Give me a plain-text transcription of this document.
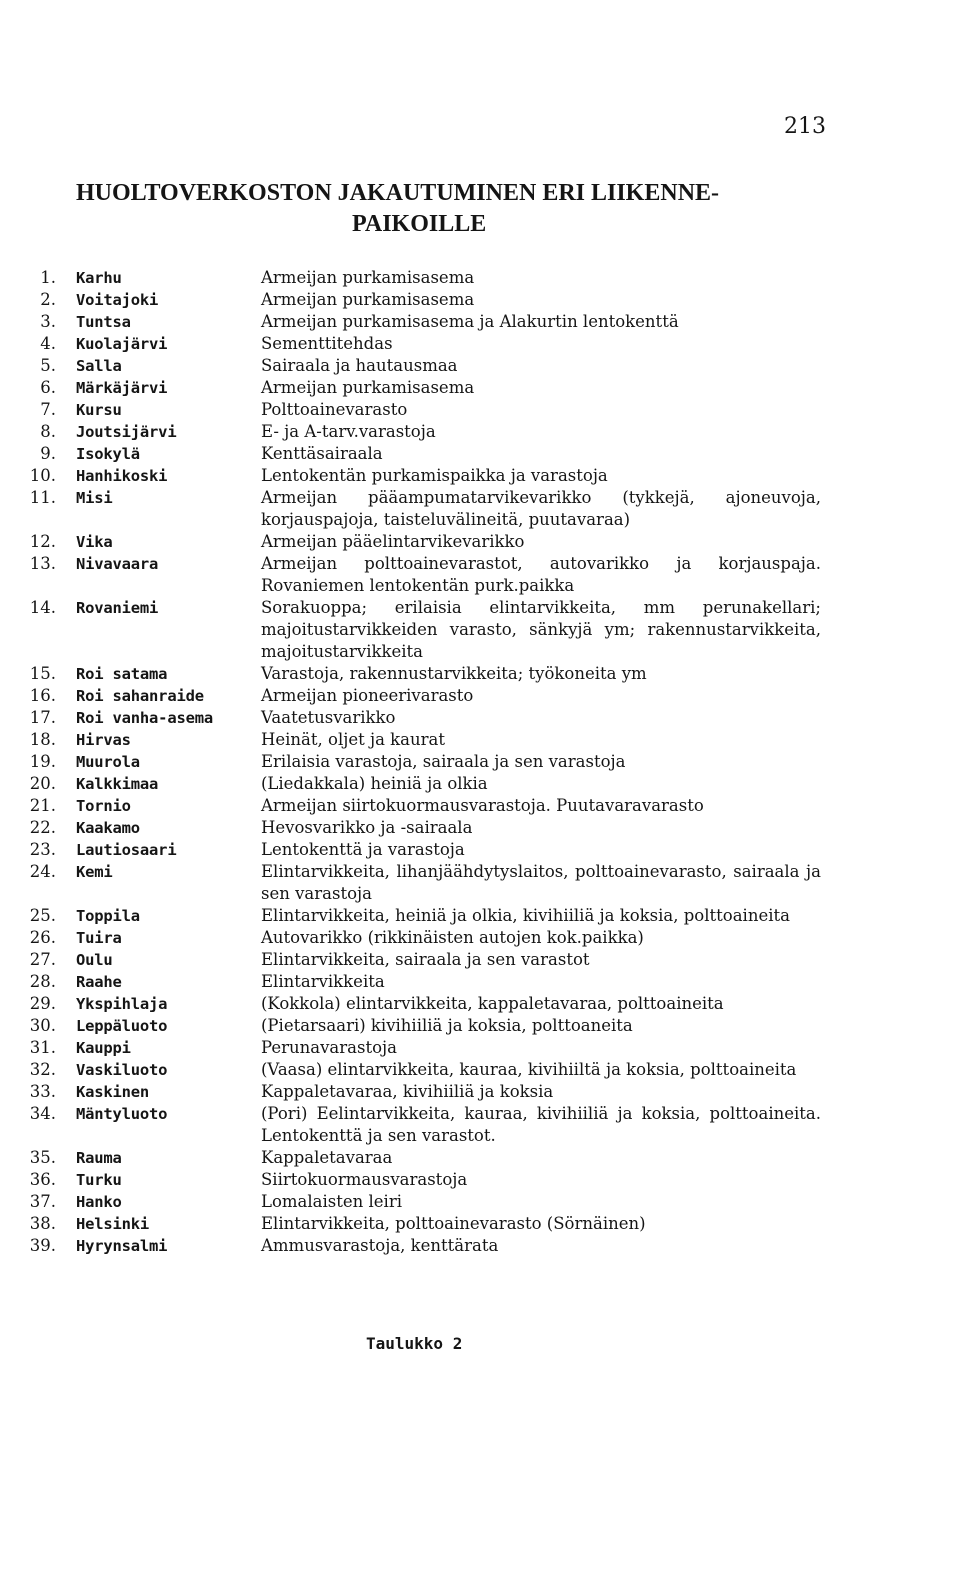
213
HUOLTOVERKOSTON JAKAUTUMINEN ERI LIIKENNE-
PAIKOILLE
1. Karhu	Armeijan purkamisasema
2. Voitajoki	Armeijan purkamisasema
3. Tuntsa	Armeijan purkamisasema ja Alakurtin lentokenttä
4. Kuolajärvi	Sementtitehdas
5. Salla	Sairaala ja hautausmaa
6. Märkäjärvi	Armeijan purkamisasema
7. Kursu	Polttoainevarasto
8. Joutsijärvi	E- ja A-tarv.varastoja
9. Isokylä	Kenttäsairaala
10. Hanhikoski	Lentokentän purkamispaikka ja varastoja
11. Misi	Armeijan pääampumatarvikevarikko (tykkejä, ajoneuvoja, korjauspajoja, taisteluvälineitä, puutavaraa)
12. Vika	Armeijan pääelintarvikevarikko
13. Nivavaara	Armeijan polttoainevarastot, autovarikko ja korjauspaja. Rovaniemen lentokentän purk.paikka
14. Rovaniemi	Sorakuoppa; erilaisia elintarvikkeita, mm perunakellari; majoitustarvikkeiden varasto, sänkyjä ym; rakennustarvikkeita, majoitustarvikkeita
15. Roi satama	Varastoja, rakennustarvikkeita; työkoneita ym
16. Roi sahanraide	Armeijan pioneerivarasto
17. Roi vanha-asema	Vaatetusvarikko
18. Hirvas	Heinät, oljet ja kaurat
19. Muurola	Erilaisia varastoja, sairaala ja sen varastoja
20. Kalkkimaa	(Liedakkala) heiniä ja olkia
21. Tornio	Armeijan siirtokuormausvarastoja. Puutavaravarasto
22. Kaakamo	Hevosvarikko ja -sairaala
23. Lautiosaari	Lentokenttä ja varastoja
24. Kemi	Elintarvikkeita, lihanjäähdytyslaitos, polttoainevarasto, sairaala ja sen varastoja
25. Toppila	Elintarvikkeita, heiniä ja olkia, kivihiiliä ja koksia, polttoaineita
26. Tuira	Autovarikko (rikkinäisten autojen kok.paikka)
27. Oulu	Elintarvikkeita, sairaala ja sen varastot
28. Raahe	Elintarvikkeita
29. Ykspihlaja	(Kokkola) elintarvikkeita, kappaletavaraa, polttoaineita
30. Leppäluoto	(Pietarsaari) kivihiiliä ja koksia, polttoaneita
31. Kauppi	Perunavarastoja
32. Vaskiluoto	(Vaasa) elintarvikkeita, kauraa, kivihiiltä ja koksia, polttoaineita
33. Kaskinen	Kappaletavaraa, kivihiiliä ja koksia
34. Mäntyluoto	(Pori) Eelintarvikkeita, kauraa, kivihiiliä ja koksia, polttoaineita. Lentokenttä ja sen varastot.
35. Rauma	Kappaletavaraa
36. Turku	Siirtokuormausvarastoja
37. Hanko	Lomalaisten leiri
38. Helsinki	Elintarvikkeita, polttoainevarasto (Sörnäinen)
39. Hyrynsalmi	Ammusvarastoja, kenttärata
Taulukko 2
